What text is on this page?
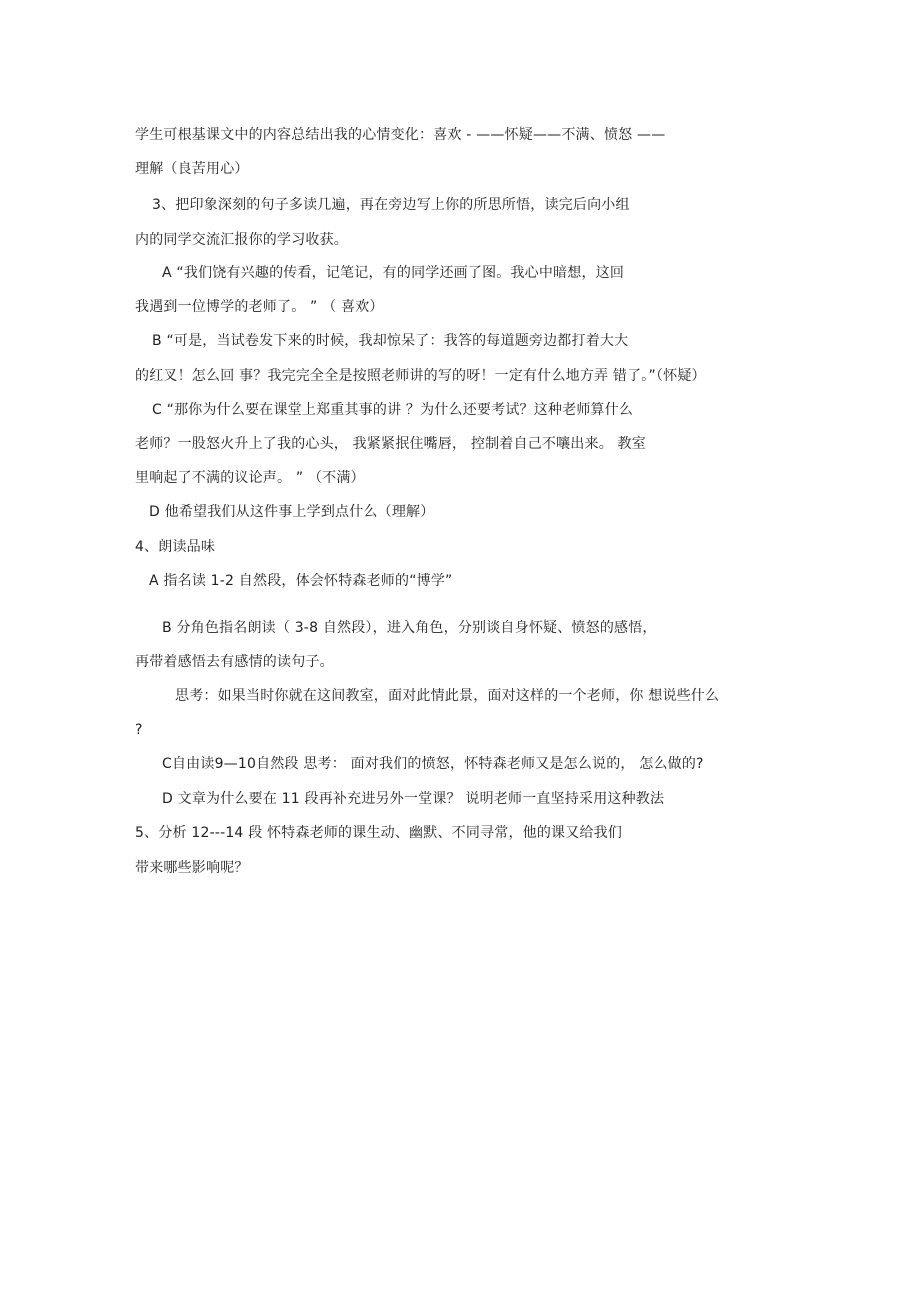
学生可根基课文中的内容总结出我的心情变化：喜欢 - ——怀疑——不满、愤怒 ——
理解（良苦用心）
3、把印象深刻的句子多读几遍，再在旁边写上你的所思所悟，读完后向小组
内的同学交流汇报你的学习收获。
A “我们饶有兴趣的传看，记笔记，有的同学还画了图。我心中暗想，这回
我遇到一位博学的老师了。 ” （ 喜欢）
B “可是，当试卷发下来的时候，我却惊呆了：我答的每道题旁边都打着大大
的红叉！怎么回 事？我完完全全是按照老师讲的写的呀！一定有什么地方弄 错了。”（怀疑）
C “那你为什么要在课堂上郑重其事的讲 ？为什么还要考试？这种老师算什么
老师？一股怒火升上了我的心头， 我紧紧抿住嘴唇， 控制着自己不嚷出来。 教室
里响起了不满的议论声。 ” （不满）
D 他希望我们从这件事上学到点什么（理解）
4、朗读品味
A 指名读 1-2 自然段，体会怀特森老师的“博学”
B 分角色指名朗读（ 3-8 自然段），进入角色，分别谈自身怀疑、愤怒的感悟，
再带着感悟去有感情的读句子。
思考：如果当时你就在这间教室，面对此情此景，面对这样的一个老师，你 想说些什么
?
C自由读9—10自然段 思考： 面对我们的愤怒，怀特森老师又是怎么说的， 怎么做的?
D 文章为什么要在 11 段再补充进另外一堂课？ 说明老师一直坚持采用这种教法
5、分析 12---14 段 怀特森老师的课生动、幽默、不同寻常，他的课又给我们
带来哪些影响呢？
